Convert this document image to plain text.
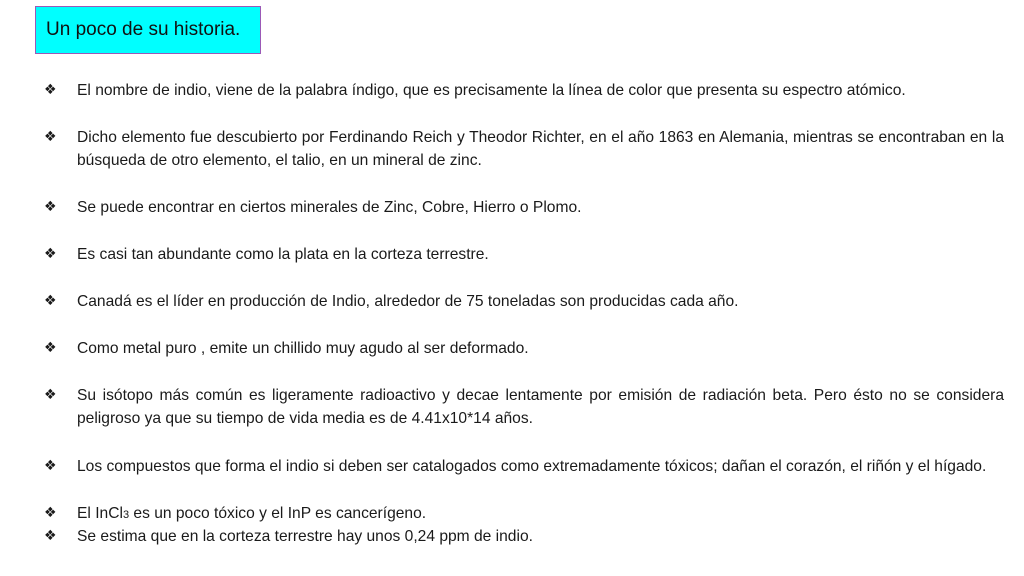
Un poco de su historia.
❖	El nombre de indio, viene de la palabra índigo, que es precisamente la línea de color que presenta su espectro atómico.
❖	Dicho elemento fue descubierto por Ferdinando Reich y Theodor Richter, en el año 1863 en Alemania, mientras se encontraban en la búsqueda de otro elemento, el talio, en un mineral de zinc.
❖	Se puede encontrar en ciertos minerales de Zinc, Cobre, Hierro o Plomo.
❖	Es casi tan abundante como la plata en la corteza terrestre.
❖	Canadá es el líder en producción de Indio, alrededor de 75 toneladas son producidas cada año.
❖	Como metal puro , emite un chillido muy agudo al ser deformado.
❖	Su isótopo más común es ligeramente radioactivo y decae lentamente por emisión de radiación beta. Pero ésto no se considera peligroso ya que su tiempo de vida media es de 4.41x10*14 años.
❖	Los compuestos que forma el indio si deben ser catalogados como extremadamente tóxicos; dañan el corazón, el riñón y el hígado.
❖	El InCl3 es un poco tóxico y el InP es cancerígeno.
❖	Se estima que en la corteza terrestre hay unos 0,24 ppm de indio.
